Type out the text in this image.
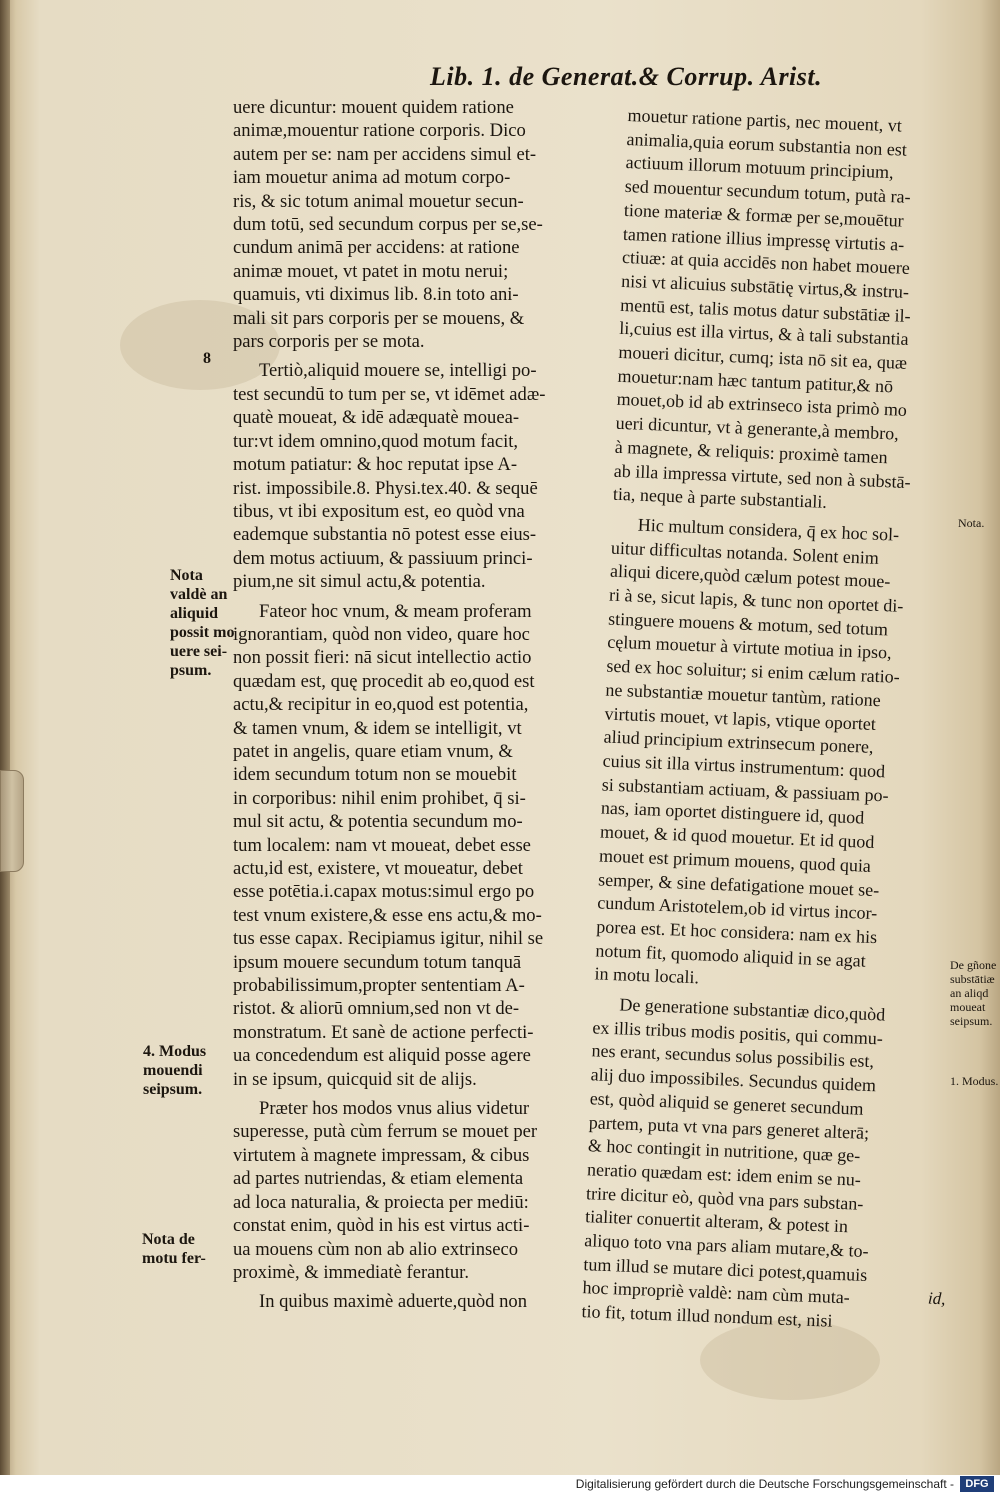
Lib. 1. de Generat.& Corrup. Arist.
8
Nota
valdè an
aliquid
possit mo
uere sei-
psum.
4. Modus
mouendi
seipsum.
Nota de
motu fer-
uere dicuntur: mouent quidem ratione
animæ,mouentur ratione corporis. Dico
autem per se: nam per accidens simul et-
iam mouetur anima ad motum corpo-
ris, & sic totum animal mouetur secun-
dum totū, sed secundum corpus per se,se-
cundum animā per accidens: at ratione
animæ mouet, vt patet in motu nerui;
quamuis, vti diximus lib. 8.in toto ani-
mali sit pars corporis per se mouens, &
pars corporis per se mota.
Tertiò,aliquid mouere se, intelligi po-
test secundū to tum per se, vt idēmet adæ-
quatè moueat, & idē adæquatè mouea-
tur:vt idem omnino,quod motum facit,
motum patiatur: & hoc reputat ipse A-
rist. impossibile.8. Physi.tex.40. & sequē
tibus, vt ibi expositum est, eo quòd vna
eademque substantia nō potest esse eius-
dem motus actiuum, & passiuum princi-
pium,ne sit simul actu,& potentia.
Fateor hoc vnum, & meam proferam
ignorantiam, quòd non video, quare hoc
non possit fieri: nā sicut intellectio actio
quædam est, quę procedit ab eo,quod est
actu,& recipitur in eo,quod est potentia,
& tamen vnum, & idem se intelligit, vt
patet in angelis, quare etiam vnum, &
idem secundum totum non se mouebit
in corporibus: nihil enim prohibet, q̄ si-
mul sit actu, & potentia secundum mo-
tum localem: nam vt moueat, debet esse
actu,id est, existere, vt moueatur, debet
esse potētia.i.capax motus:simul ergo po
test vnum existere,& esse ens actu,& mo-
tus esse capax. Recipiamus igitur, nihil se
ipsum mouere secundum totum tanquā
probabilissimum,propter sententiam A-
ristot. & aliorū omnium,sed non vt de-
monstratum. Et sanè de actione perfecti-
ua concedendum est aliquid posse agere
in se ipsum, quicquid sit de alijs.
Præter hos modos vnus alius videtur
superesse, putà cùm ferrum se mouet per
virtutem à magnete impressam, & cibus
ad partes nutriendas, & etiam elementa
ad loca naturalia, & proiecta per mediū:
constat enim, quòd in his est virtus acti-
ua mouens cùm non ab alio extrinseco
proximè, & immediatè ferantur.
In quibus maximè aduerte,quòd non
mouetur ratione partis, nec mouent, vt
animalia,quia eorum substantia non est
actiuum illorum motuum principium,
sed mouentur secundum totum, putà ra-
tione materiæ & formæ per se,mouētur
tamen ratione illius impressę virtutis a-
ctiuæ: at quia accidēs non habet mouere
nisi vt alicuius substātię virtus,& instru-
mentū est, talis motus datur substātiæ il-
li,cuius est illa virtus, & à tali substantia
moueri dicitur, cumq; ista nō sit ea, quæ
mouetur:nam hæc tantum patitur,& nō
mouet,ob id ab extrinseco ista primò mo
ueri dicuntur, vt à generante,à membro,
à magnete, & reliquis: proximè tamen
ab illa impressa virtute, sed non à substā-
tia, neque à parte substantiali.
Hic multum considera, q̄ ex hoc sol-
uitur difficultas notanda. Solent enim
aliqui dicere,quòd cælum potest moue-
ri à se, sicut lapis, & tunc non oportet di-
stinguere mouens & motum, sed totum
cęlum mouetur à virtute motiua in ipso,
sed ex hoc soluitur; si enim cælum ratio-
ne substantiæ mouetur tantùm, ratione
virtutis mouet, vt lapis, vtique oportet
aliud principium extrinsecum ponere,
cuius sit illa virtus instrumentum: quod
si substantiam actiuam, & passiuam po-
nas, iam oportet distinguere id, quod
mouet, & id quod mouetur. Et id quod
mouet est primum mouens, quod quia
semper, & sine defatigatione mouet se-
cundum Aristotelem,ob id virtus incor-
porea est. Et hoc considera: nam ex his
notum fit, quomodo aliquid in se agat
in motu locali.
De generatione substantiæ dico,quòd
ex illis tribus modis positis, qui commu-
nes erant, secundus solus possibilis est,
alij duo impossibiles. Secundus quidem
est, quòd aliquid se generet secundum
partem, puta vt vna pars generet alterā;
& hoc contingit in nutritione, quæ ge-
neratio quædam est: idem enim se nu-
trire dicitur eò, quòd vna pars substan-
tialiter conuertit alteram, & potest in
aliquo toto vna pars aliam mutare,& to-
tum illud se mutare dici potest,quamuis
hoc impropriè valdè: nam cùm muta-
tio fit, totum illud nondum est, nisi
Nota.
De gñone
substātiæ
an aliqd
moueat
seipsum.
1. Modus.
id,
Digitalisierung gefördert durch die Deutsche Forschungsgemeinschaft -	DFG
